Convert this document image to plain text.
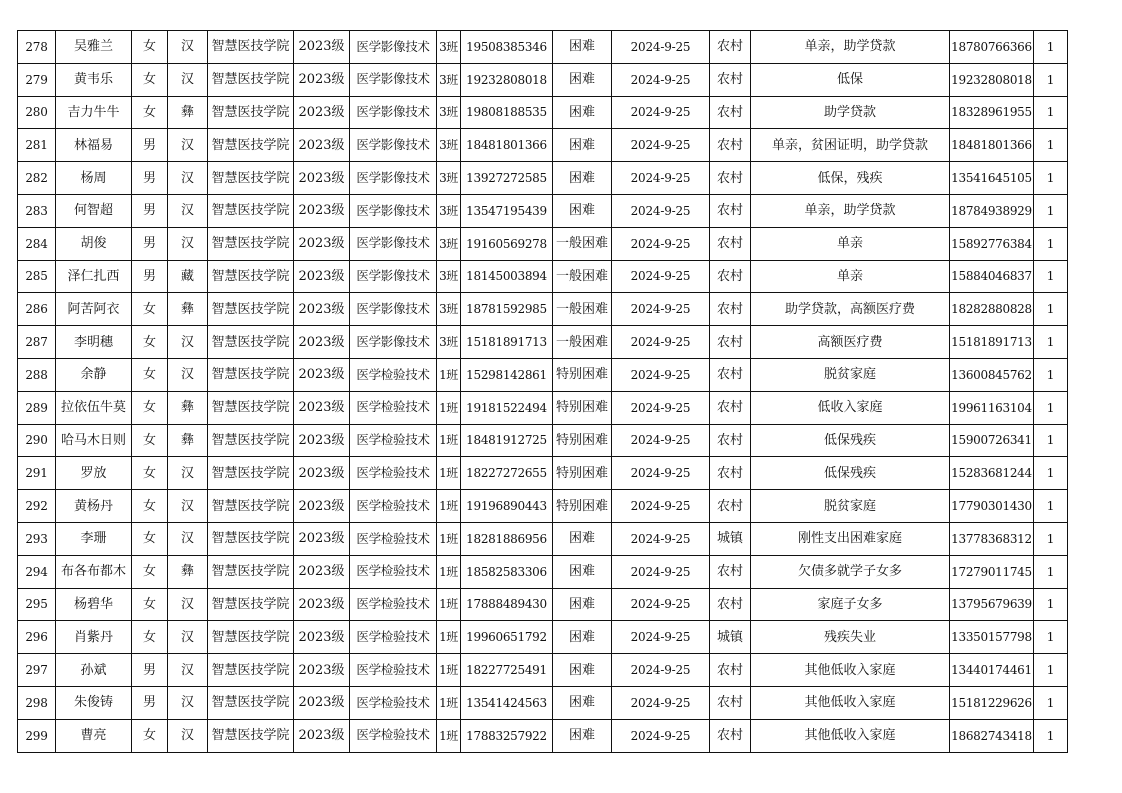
278	吴雅兰	女	汉	智慧医技学院	2023级	医学影像技术	3班	19508385346	困难	2024-9-25	农村	单亲，助学贷款	18780766366	1
279	黄韦乐	女	汉	智慧医技学院	2023级	医学影像技术	3班	19232808018	困难	2024-9-25	农村	低保	19232808018	1
280	吉力牛牛	女	彝	智慧医技学院	2023级	医学影像技术	3班	19808188535	困难	2024-9-25	农村	助学贷款	18328961955	1
281	林福易	男	汉	智慧医技学院	2023级	医学影像技术	3班	18481801366	困难	2024-9-25	农村	单亲，贫困证明，助学贷款	18481801366	1
282	杨周	男	汉	智慧医技学院	2023级	医学影像技术	3班	13927272585	困难	2024-9-25	农村	低保，残疾	13541645105	1
283	何智超	男	汉	智慧医技学院	2023级	医学影像技术	3班	13547195439	困难	2024-9-25	农村	单亲，助学贷款	18784938929	1
284	胡俊	男	汉	智慧医技学院	2023级	医学影像技术	3班	19160569278	一般困难	2024-9-25	农村	单亲	15892776384	1
285	泽仁扎西	男	藏	智慧医技学院	2023级	医学影像技术	3班	18145003894	一般困难	2024-9-25	农村	单亲	15884046837	1
286	阿苦阿衣	女	彝	智慧医技学院	2023级	医学影像技术	3班	18781592985	一般困难	2024-9-25	农村	助学贷款，高额医疗费	18282880828	1
287	李明穗	女	汉	智慧医技学院	2023级	医学影像技术	3班	15181891713	一般困难	2024-9-25	农村	高额医疗费	15181891713	1
288	余静	女	汉	智慧医技学院	2023级	医学检验技术	1班	15298142861	特别困难	2024-9-25	农村	脱贫家庭	13600845762	1
289	拉依伍牛莫	女	彝	智慧医技学院	2023级	医学检验技术	1班	19181522494	特别困难	2024-9-25	农村	低收入家庭	19961163104	1
290	哈马木日则	女	彝	智慧医技学院	2023级	医学检验技术	1班	18481912725	特别困难	2024-9-25	农村	低保残疾	15900726341	1
291	罗放	女	汉	智慧医技学院	2023级	医学检验技术	1班	18227272655	特别困难	2024-9-25	农村	低保残疾	15283681244	1
292	黄杨丹	女	汉	智慧医技学院	2023级	医学检验技术	1班	19196890443	特别困难	2024-9-25	农村	脱贫家庭	17790301430	1
293	李珊	女	汉	智慧医技学院	2023级	医学检验技术	1班	18281886956	困难	2024-9-25	城镇	刚性支出困难家庭	13778368312	1
294	布各布都木	女	彝	智慧医技学院	2023级	医学检验技术	1班	18582583306	困难	2024-9-25	农村	欠债多就学子女多	17279011745	1
295	杨碧华	女	汉	智慧医技学院	2023级	医学检验技术	1班	17888489430	困难	2024-9-25	农村	家庭子女多	13795679639	1
296	肖紫丹	女	汉	智慧医技学院	2023级	医学检验技术	1班	19960651792	困难	2024-9-25	城镇	残疾失业	13350157798	1
297	孙斌	男	汉	智慧医技学院	2023级	医学检验技术	1班	18227725491	困难	2024-9-25	农村	其他低收入家庭	13440174461	1
298	朱俊铸	男	汉	智慧医技学院	2023级	医学检验技术	1班	13541424563	困难	2024-9-25	农村	其他低收入家庭	15181229626	1
299	曹亮	女	汉	智慧医技学院	2023级	医学检验技术	1班	17883257922	困难	2024-9-25	农村	其他低收入家庭	18682743418	1
